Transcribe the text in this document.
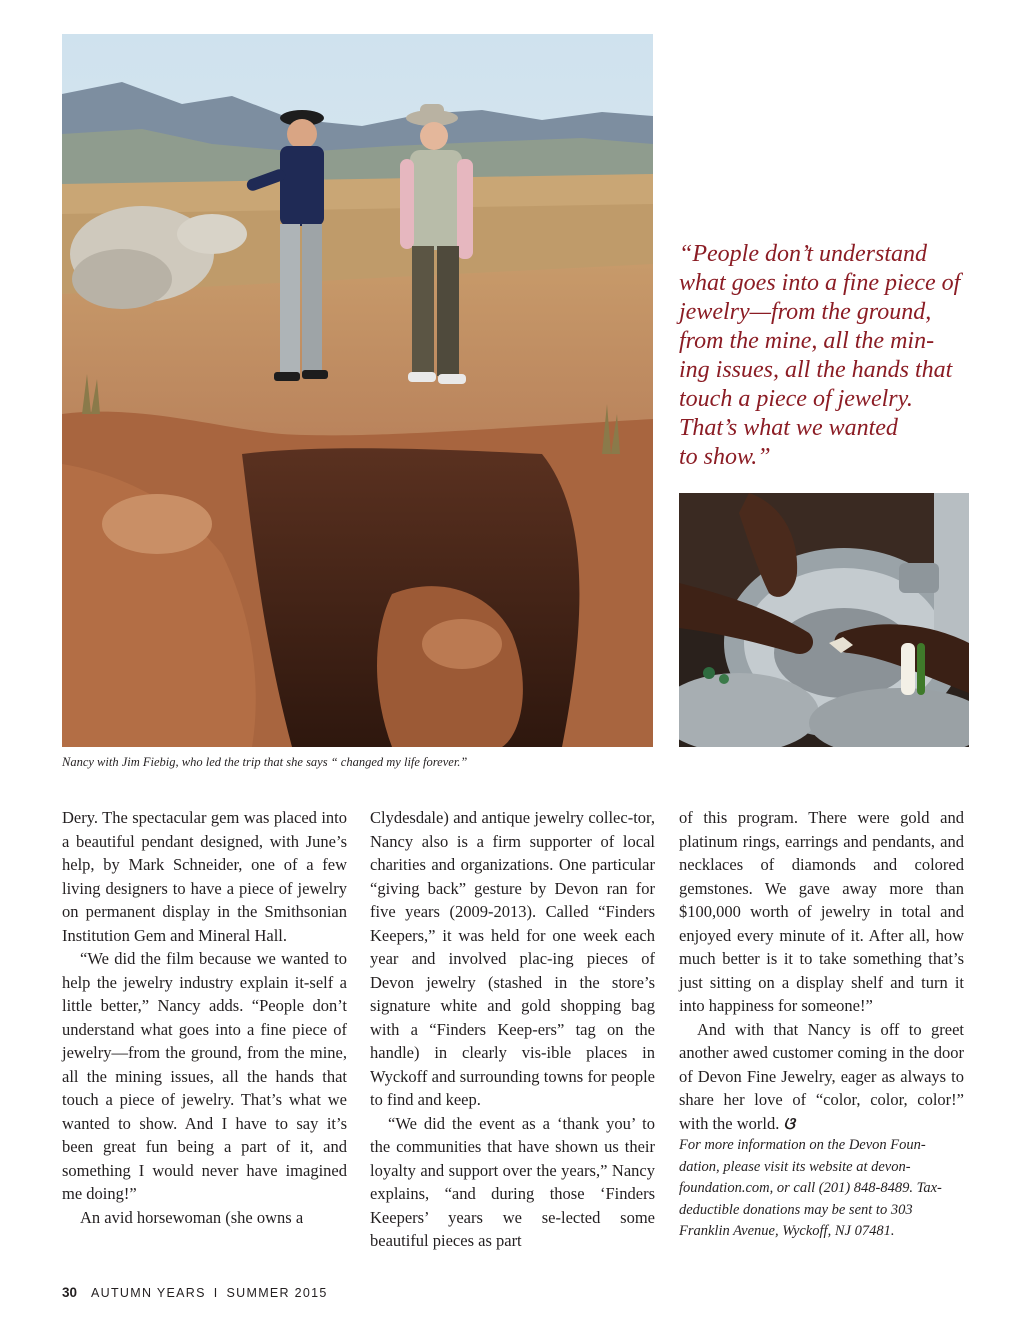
“People don’t understand
what goes into a fine piece of
jewelry—from the ground,
from the mine, all the min-
ing issues, all the hands that
touch a piece of jewelry.
That’s what we wanted
to show.”
Nancy with Jim Fiebig, who led the trip that she says “ changed my life forever.”

Dery. The spectacular gem was placed into a beautiful pendant designed, with June’s help, by Mark Schneider, one of a few living designers to have a piece of jewelry on permanent display in the Smithsonian Institution Gem and Mineral Hall.

“We did the film because we wanted to help the jewelry industry explain it-self a little better,” Nancy adds. “People don’t understand what goes into a fine piece of jewelry—from the ground, from the mine, all the mining issues, all the hands that touch a piece of jewelry. That’s what we wanted to show. And I have to say it’s been great fun being a part of it, and something I would never have imagined me doing!”

An avid horsewoman (she owns a

Clydesdale) and antique jewelry collec-tor, Nancy also is a firm supporter of local charities and organizations. One particular “giving back” gesture by Devon ran for five years (2009-2013). Called “Finders Keepers,” it was held for one week each year and involved plac-ing pieces of Devon jewelry (stashed in the store’s signature white and gold shopping bag with a “Finders Keep-ers” tag on the handle) in clearly vis-ible places in Wyckoff and surrounding towns for people to find and keep.

“We did the event as a ‘thank you’ to the communities that have shown us their loyalty and support over the years,” Nancy explains, “and during those ‘Finders Keepers’ years we se-lected some beautiful pieces as part

of this program. There were gold and platinum rings, earrings and pendants, and necklaces of diamonds and colored gemstones. We gave away more than $100,000 worth of jewelry in total and enjoyed every minute of it. After all, how much better is it to take something that’s just sitting on a display shelf and turn it into happiness for someone!”

And with that Nancy is off to greet another awed customer coming in the door of Devon Fine Jewelry, eager as always to share her love of “color, color, color!” with the world. ଓ

For more information on the Devon Foun-dation, please visit its website at devon-foundation.com, or call (201) 848-8489. Tax-deductible donations may be sent to 303 Franklin Avenue, Wyckoff, NJ 07481.

30 AUTUMN YEARS I SUMMER 2015
